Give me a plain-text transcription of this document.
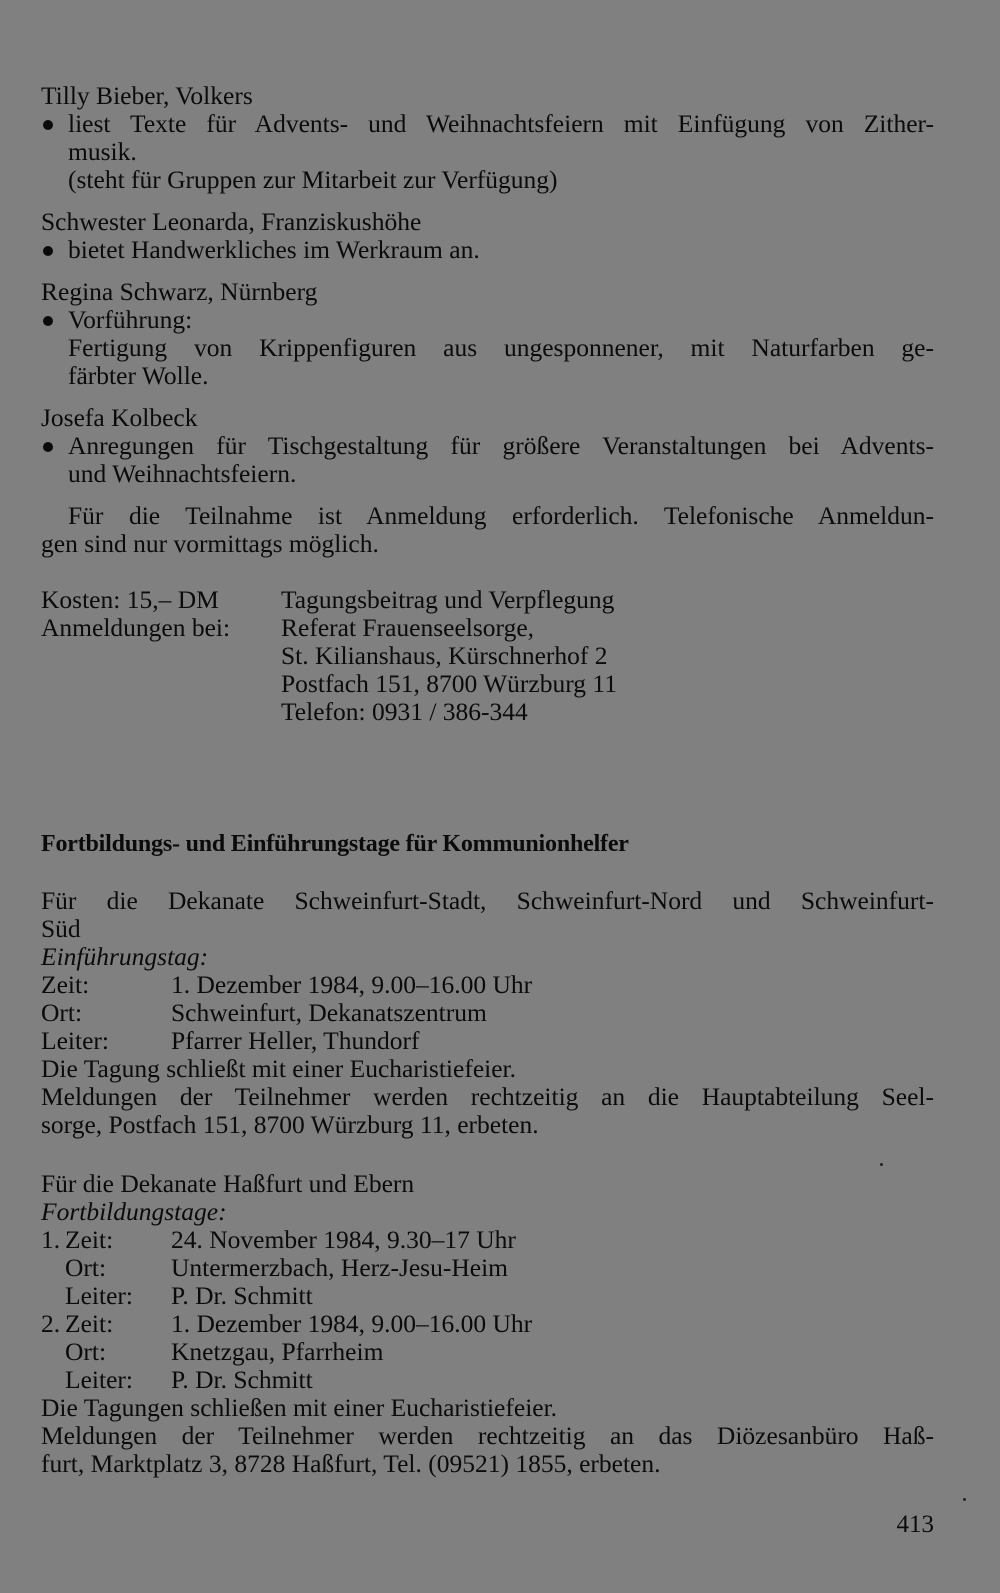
Tilly Bieber, Volkers
liest Texte für Advents- und Weihnachtsfeiern mit Einfügung von Zither-
musik.
(steht für Gruppen zur Mitarbeit zur Verfügung)
Schwester Leonarda, Franziskushöhe
bietet Handwerkliches im Werkraum an.
Regina Schwarz, Nürnberg
Vorführung:
Fertigung von Krippenfiguren aus ungesponnener, mit Naturfarben ge-
färbter Wolle.
Josefa Kolbeck
Anregungen für Tischgestaltung für größere Veranstaltungen bei Advents-
und Weihnachtsfeiern.
Für die Teilnahme ist Anmeldung erforderlich. Telefonische Anmeldun-
gen sind nur vormittags möglich.
Kosten: 15,– DM	Tagungsbeitrag und Verpflegung
Anmeldungen bei:	Referat Frauenseelsorge,
St. Kilianshaus, Kürschnerhof 2
Postfach 151, 8700 Würzburg 11
Telefon: 0931 / 386-344
Fortbildungs- und Einführungstage für Kommunionhelfer
Für die Dekanate Schweinfurt-Stadt, Schweinfurt-Nord und Schweinfurt-
Süd
Einführungstag:
Zeit:	1. Dezember 1984, 9.00–16.00 Uhr
Ort:	Schweinfurt, Dekanatszentrum
Leiter:	Pfarrer Heller, Thundorf
Die Tagung schließt mit einer Eucharistiefeier.
Meldungen der Teilnehmer werden rechtzeitig an die Hauptabteilung Seel-
sorge, Postfach 151, 8700 Würzburg 11, erbeten.
Für die Dekanate Haßfurt und Ebern
Fortbildungstage:
1. Zeit:	24. November 1984, 9.30–17 Uhr
Ort:	Untermerzbach, Herz-Jesu-Heim
Leiter:	P. Dr. Schmitt
2. Zeit:	1. Dezember 1984, 9.00–16.00 Uhr
Ort:	Knetzgau, Pfarrheim
Leiter:	P. Dr. Schmitt
Die Tagungen schließen mit einer Eucharistiefeier.
Meldungen der Teilnehmer werden rechtzeitig an das Diözesanbüro Haß-
furt, Marktplatz 3, 8728 Haßfurt, Tel. (09521) 1855, erbeten.
413
